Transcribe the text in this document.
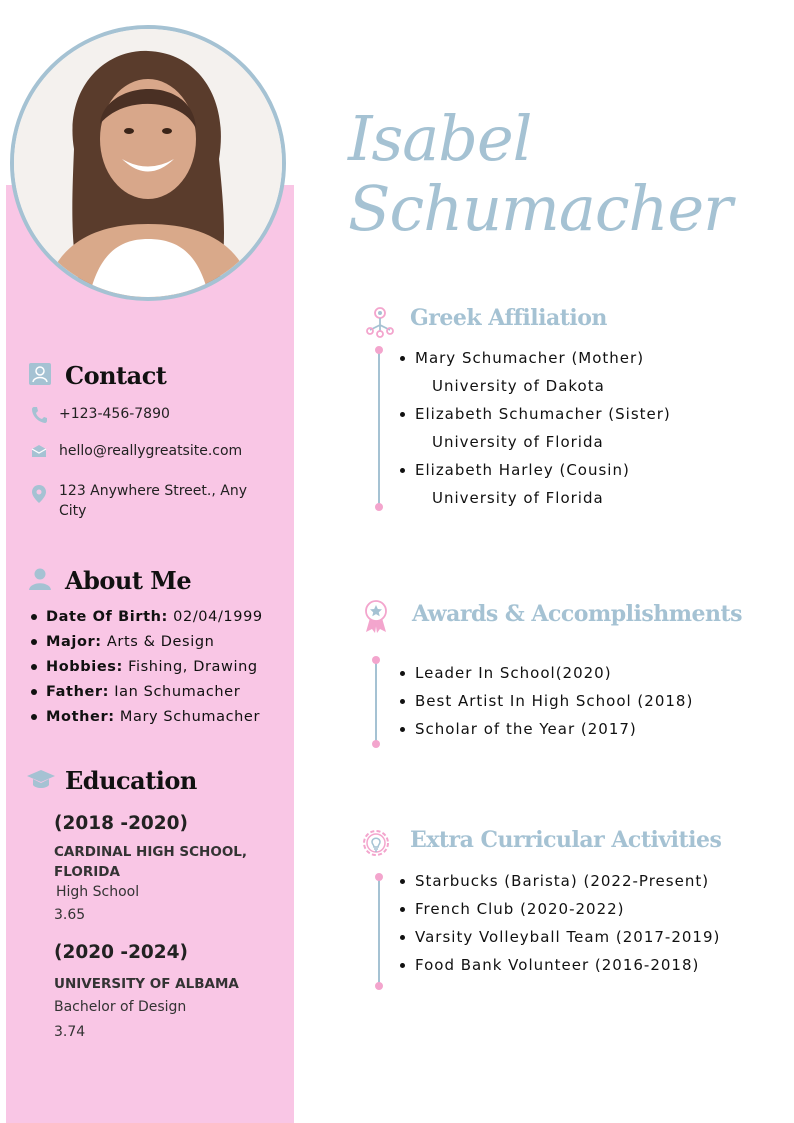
Isabel
Schumacher
Contact
+123-456-7890
hello@reallygreatsite.com
123 Anywhere Street., Any
City
About Me
Date Of Birth: 02/04/1999
Major: Arts & Design
Hobbies: Fishing, Drawing
Father: Ian Schumacher
Mother: Mary Schumacher
Education
(2018 -2020)
CARDINAL HIGH SCHOOL,
FLORIDA
High School
3.65
(2020 -2024)
UNIVERSITY OF ALBAMA
Bachelor of Design
3.74
Greek Affiliation
Mary Schumacher (Mother)
University of Dakota
Elizabeth Schumacher (Sister)
University of Florida
Elizabeth Harley (Cousin)
University of Florida
Awards & Accomplishments
Leader In School(2020)
Best Artist In High School (2018)
Scholar of the Year (2017)
Extra Curricular Activities
Starbucks (Barista) (2022-Present)
French Club (2020-2022)
Varsity Volleyball Team (2017-2019)
Food Bank Volunteer (2016-2018)
